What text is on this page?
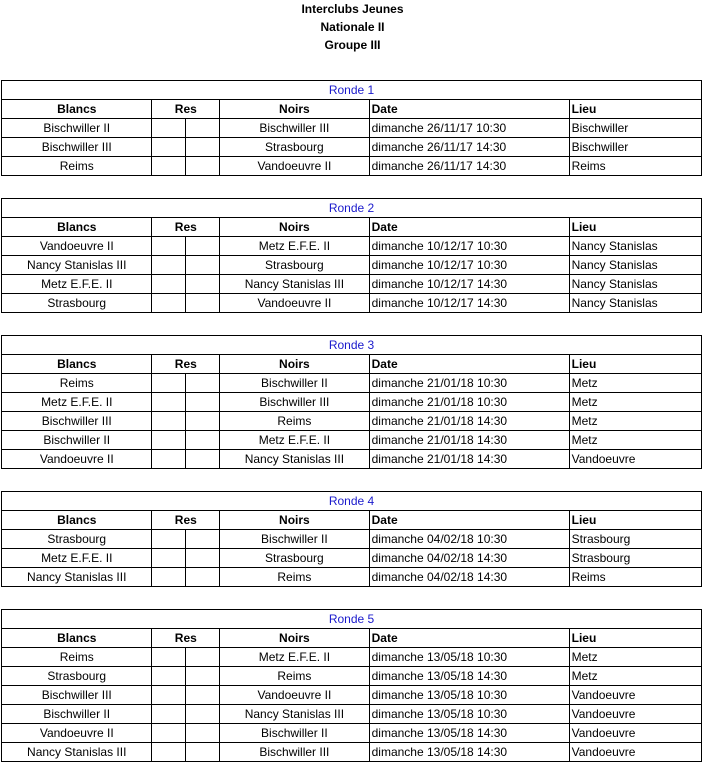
Interclubs Jeunes
Nationale II
Groupe III
Ronde 1					
Blancs	Res		Noirs	Date	Lieu
Bischwiller II			Bischwiller III	dimanche 26/11/17 10:30	Bischwiller
Bischwiller III			Strasbourg	dimanche 26/11/17 14:30	Bischwiller
Reims			Vandoeuvre II	dimanche 26/11/17 14:30	Reims
Ronde 2					
Blancs	Res		Noirs	Date	Lieu
Vandoeuvre II			Metz E.F.E. II	dimanche 10/12/17 10:30	Nancy Stanislas
Nancy Stanislas III			Strasbourg	dimanche 10/12/17 10:30	Nancy Stanislas
Metz E.F.E. II			Nancy Stanislas III	dimanche 10/12/17 14:30	Nancy Stanislas
Strasbourg			Vandoeuvre II	dimanche 10/12/17 14:30	Nancy Stanislas
Ronde 3					
Blancs	Res		Noirs	Date	Lieu
Reims			Bischwiller II	dimanche 21/01/18 10:30	Metz
Metz E.F.E. II			Bischwiller III	dimanche 21/01/18 10:30	Metz
Bischwiller III			Reims	dimanche 21/01/18 14:30	Metz
Bischwiller II			Metz E.F.E. II	dimanche 21/01/18 14:30	Metz
Vandoeuvre II			Nancy Stanislas III	dimanche 21/01/18 14:30	Vandoeuvre
Ronde 4					
Blancs	Res		Noirs	Date	Lieu
Strasbourg			Bischwiller II	dimanche 04/02/18 10:30	Strasbourg
Metz E.F.E. II			Strasbourg	dimanche 04/02/18 14:30	Strasbourg
Nancy Stanislas III			Reims	dimanche 04/02/18 14:30	Reims
Ronde 5					
Blancs	Res		Noirs	Date	Lieu
Reims			Metz E.F.E. II	dimanche 13/05/18 10:30	Metz
Strasbourg			Reims	dimanche 13/05/18 14:30	Metz
Bischwiller III			Vandoeuvre II	dimanche 13/05/18 10:30	Vandoeuvre
Bischwiller II			Nancy Stanislas III	dimanche 13/05/18 10:30	Vandoeuvre
Vandoeuvre II			Bischwiller II	dimanche 13/05/18 14:30	Vandoeuvre
Nancy Stanislas III			Bischwiller III	dimanche 13/05/18 14:30	Vandoeuvre
